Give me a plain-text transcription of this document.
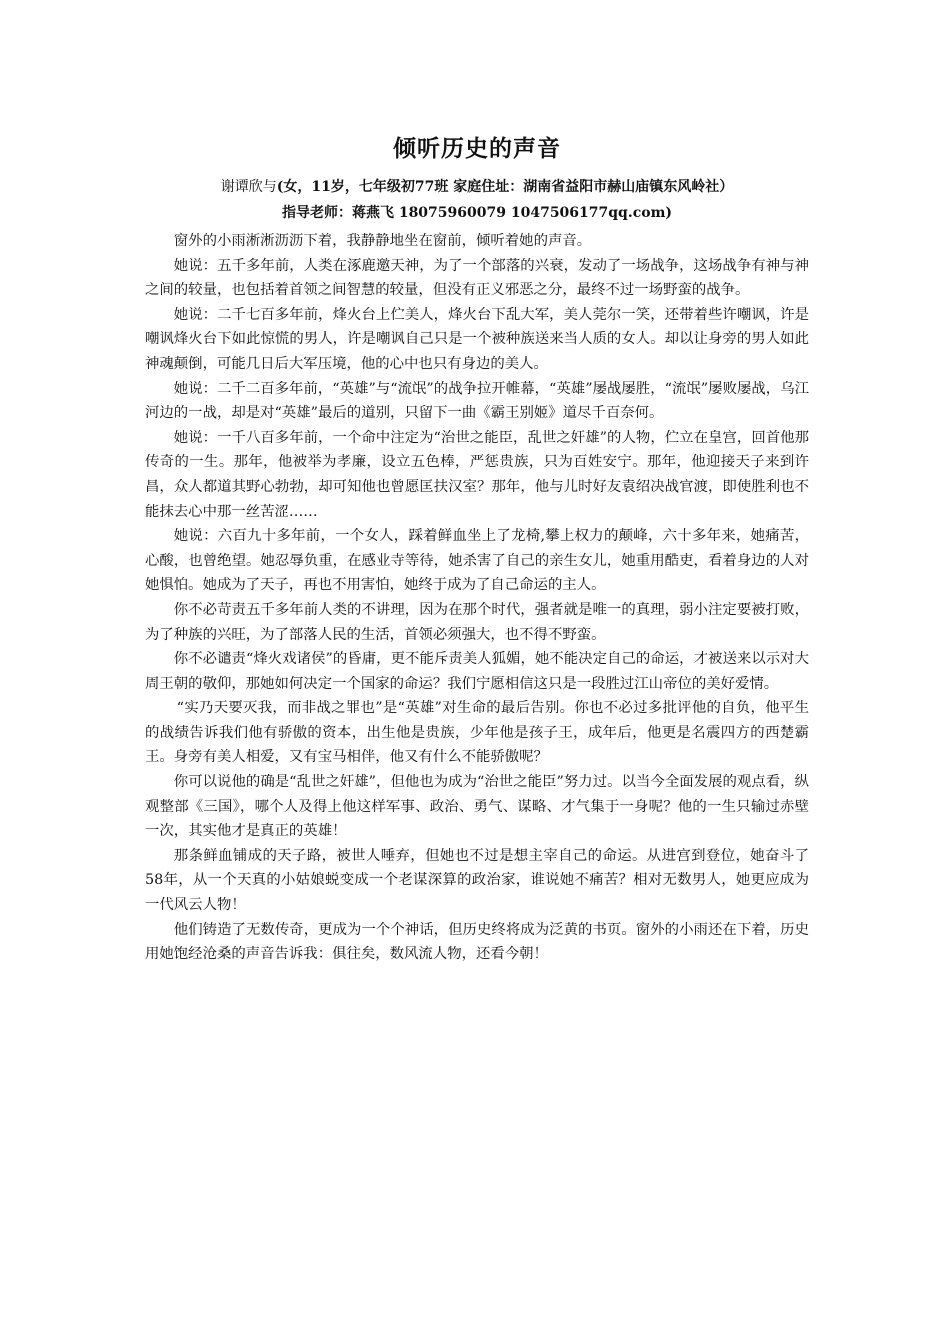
倾听历史的声音
谢谭欣与(女，11岁，七年级初77班 家庭住址：湖南省益阳市赫山庙镇东风岭社）
指导老师：蒋燕飞 18075960079 1047506177qq.com)

窗外的小雨淅淅沥沥下着，我静静地坐在窗前，倾听着她的声音。

她说：五千多年前，人类在涿鹿邀天神，为了一个部落的兴衰，发动了一场战争，这场战争有神与神之间的较量，也包括着首领之间智慧的较量，但没有正义邪恶之分，最终不过一场野蛮的战争。

她说：二千七百多年前，烽火台上伫美人，烽火台下乱大军，美人莞尔一笑，还带着些许嘲讽，许是嘲讽烽火台下如此惊慌的男人，许是嘲讽自己只是一个被种族送来当人质的女人。却以让身旁的男人如此神魂颠倒，可能几日后大军压境，他的心中也只有身边的美人。

她说：二千二百多年前，“英雄”与“流氓”的战争拉开帷幕，“英雄”屡战屡胜，“流氓”屡败屡战，乌江河边的一战，却是对“英雄”最后的道别，只留下一曲《霸王别姬》道尽千百奈何。

她说：一千八百多年前，一个命中注定为“治世之能臣，乱世之奸雄”的人物，伫立在皇宫，回首他那传奇的一生。那年，他被举为孝廉，设立五色棒，严惩贵族，只为百姓安宁。那年，他迎接天子来到许昌，众人都道其野心勃勃，却可知他也曾愿匡扶汉室？那年，他与儿时好友袁绍决战官渡，即使胜利也不能抹去心中那一丝苦涩……

她说：六百九十多年前，一个女人，踩着鲜血坐上了龙椅,攀上权力的颠峰，六十多年来，她痛苦，心酸，也曾绝望。她忍辱负重，在感业寺等待，她杀害了自己的亲生女儿，她重用酷吏，看着身边的人对她惧怕。她成为了天子，再也不用害怕，她终于成为了自己命运的主人。

你不必苛责五千多年前人类的不讲理，因为在那个时代，强者就是唯一的真理，弱小注定要被打败，为了种族的兴旺，为了部落人民的生活，首领必须强大，也不得不野蛮。

你不必谴责“烽火戏诸侯”的昏庸，更不能斥责美人狐媚，她不能决定自己的命运，才被送来以示对大周王朝的敬仰，那她如何决定一个国家的命运？我们宁愿相信这只是一段胜过江山帝位的美好爱情。

“实乃天要灭我，而非战之罪也”是“英雄”对生命的最后告别。你也不必过多批评他的自负，他平生的战绩告诉我们他有骄傲的资本，出生他是贵族，少年他是孩子王，成年后，他更是名震四方的西楚霸王。身旁有美人相爱，又有宝马相伴，他又有什么不能骄傲呢？

你可以说他的确是“乱世之奸雄”，但他也为成为“治世之能臣”努力过。以当今全面发展的观点看，纵观整部《三国》，哪个人及得上他这样军事、政治、勇气、谋略、才气集于一身呢？他的一生只输过赤壁一次，其实他才是真正的英雄！

那条鲜血铺成的天子路，被世人唾弃，但她也不过是想主宰自己的命运。从进宫到登位，她奋斗了58年，从一个天真的小姑娘蜕变成一个老谋深算的政治家，谁说她不痛苦？相对无数男人，她更应成为一代风云人物！

他们铸造了无数传奇，更成为一个个神话，但历史终将成为泛黄的书页。窗外的小雨还在下着，历史用她饱经沧桑的声音告诉我：俱往矣，数风流人物，还看今朝！
